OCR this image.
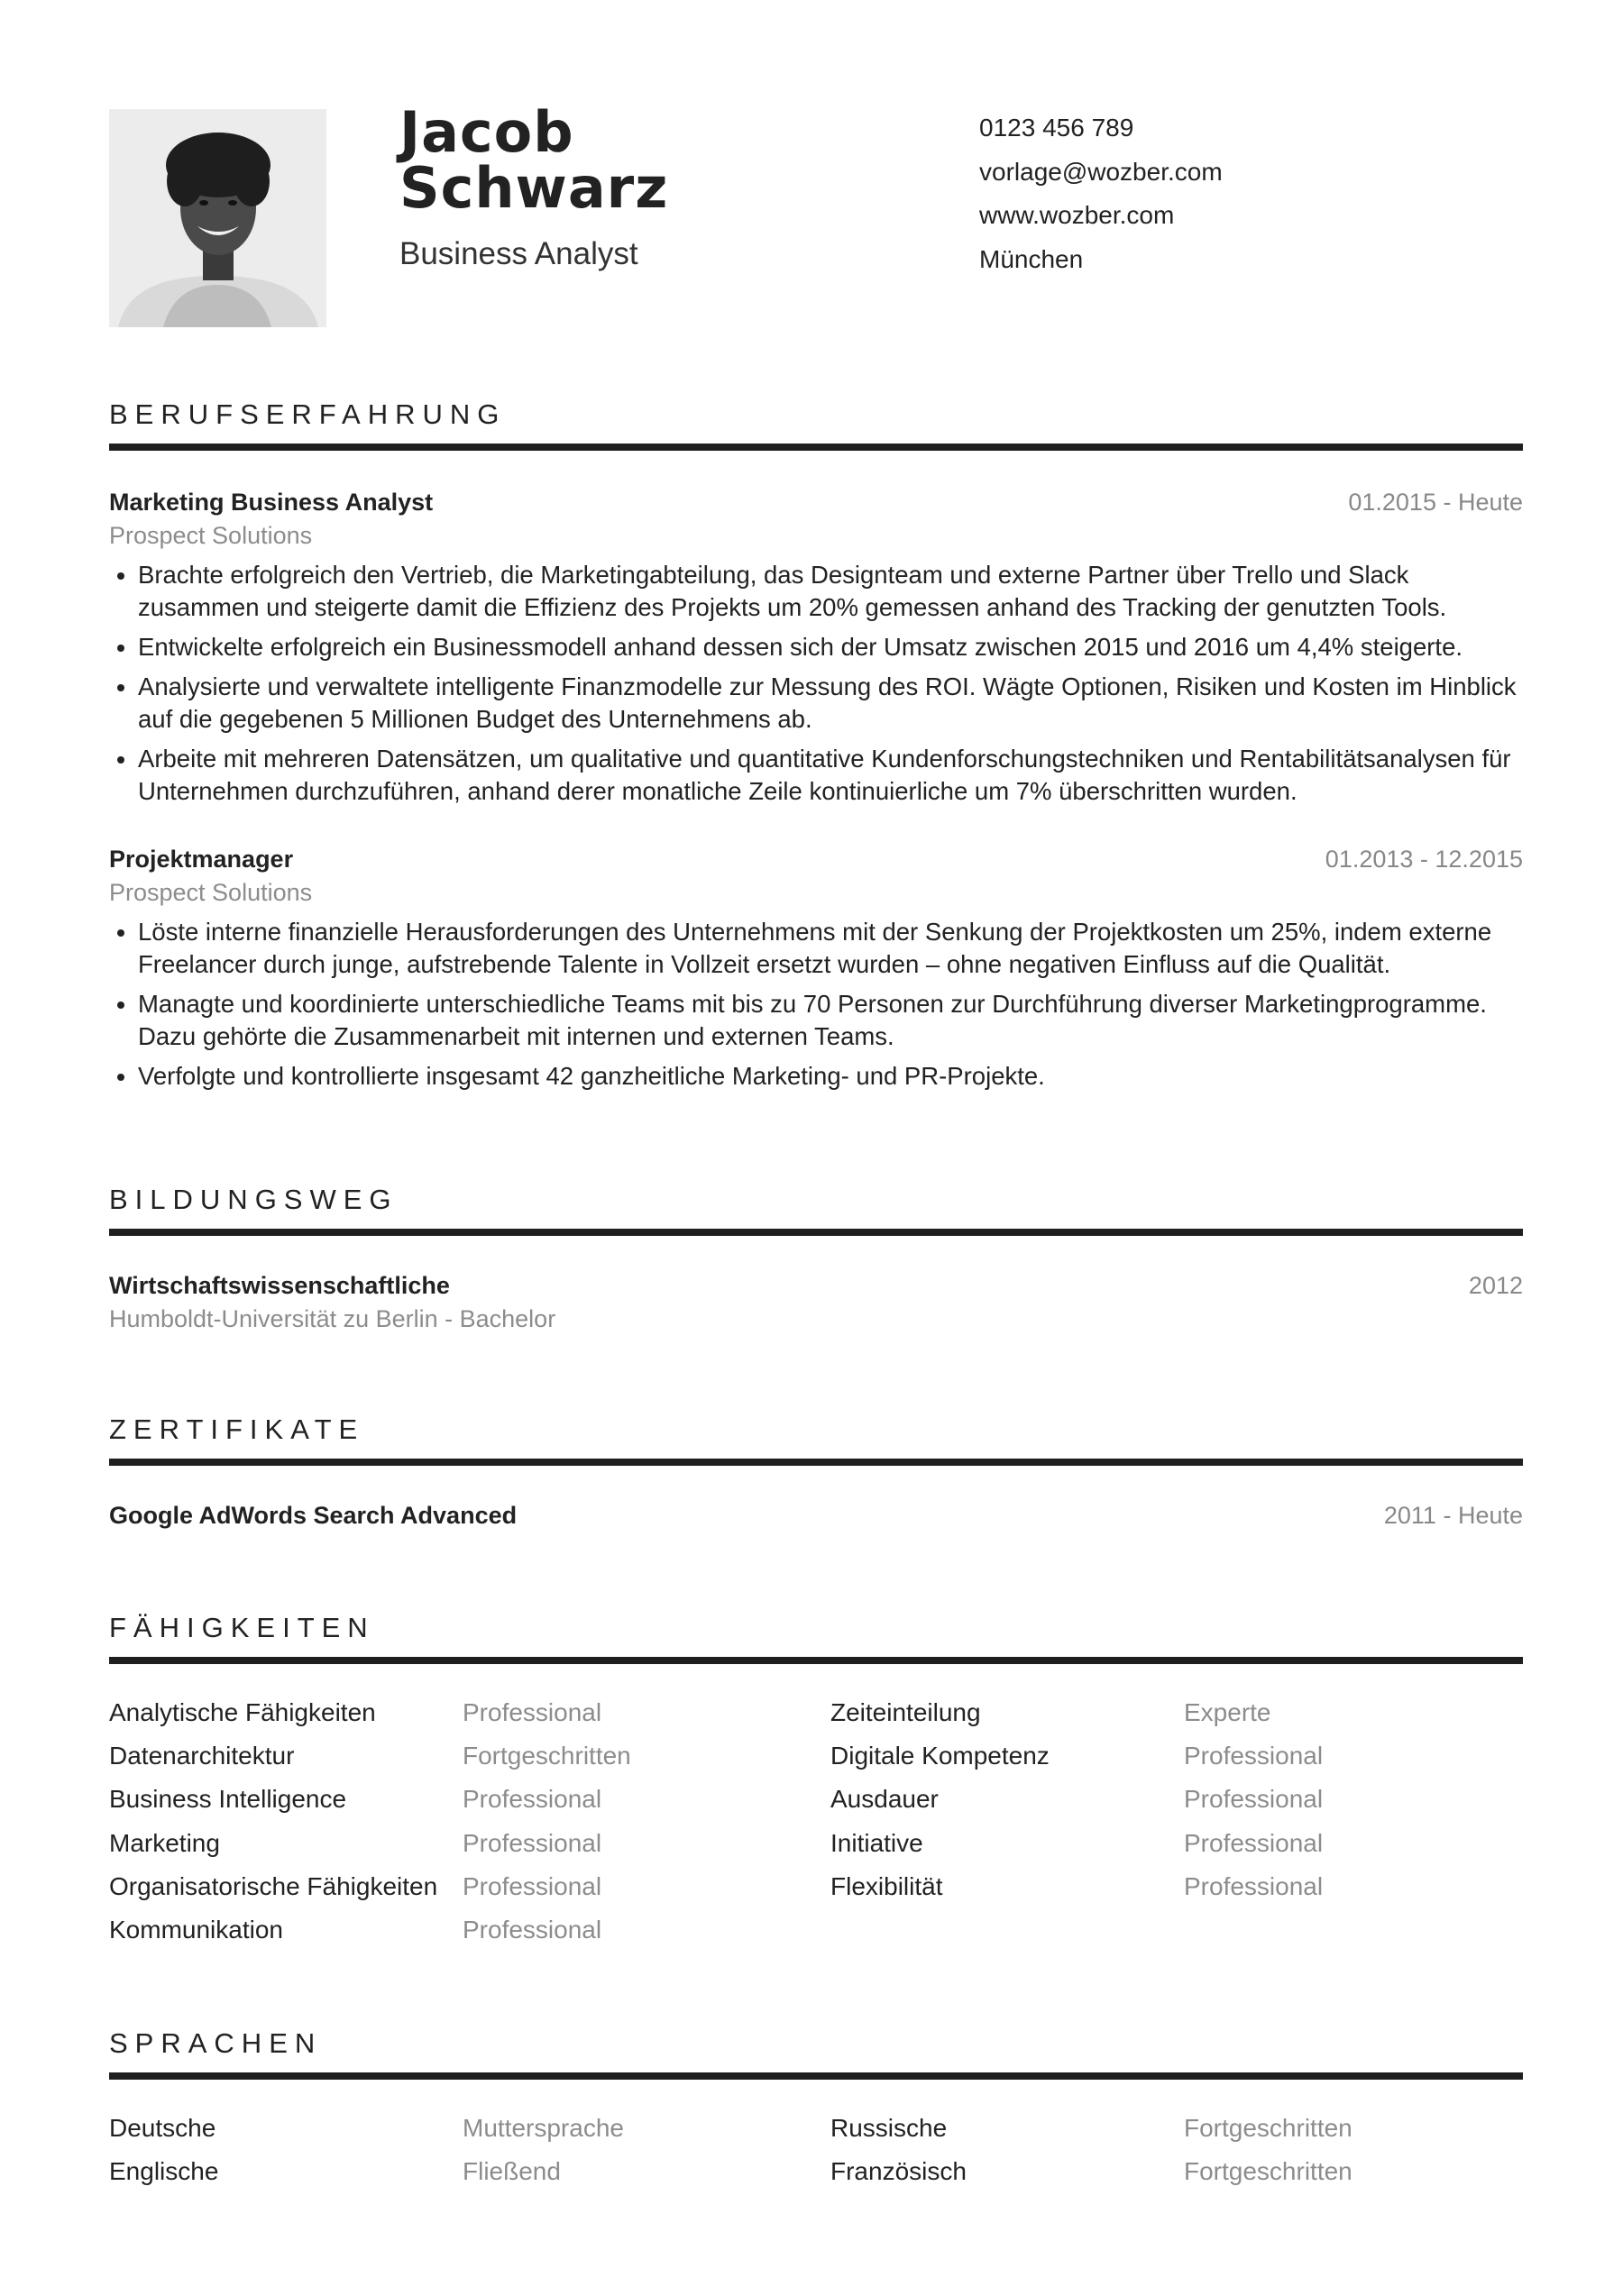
Jacob
Schwarz
Business Analyst
0123 456 789
vorlage@wozber.com
www.wozber.com
München
BERUFSERFAHRUNG
Marketing Business Analyst	01.2015 - Heute
Prospect Solutions
• Brachte erfolgreich den Vertrieb, die Marketingabteilung, das Designteam und externe Partner über Trello und Slack zusammen und steigerte damit die Effizienz des Projekts um 20% gemessen anhand des Tracking der genutzten Tools.
• Entwickelte erfolgreich ein Businessmodell anhand dessen sich der Umsatz zwischen 2015 und 2016 um 4,4% steigerte.
• Analysierte und verwaltete intelligente Finanzmodelle zur Messung des ROI. Wägte Optionen, Risiken und Kosten im Hinblick auf die gegebenen 5 Millionen Budget des Unternehmens ab.
• Arbeite mit mehreren Datensätzen, um qualitative und quantitative Kundenforschungstechniken und Rentabilitätsanalysen für Unternehmen durchzuführen, anhand derer monatliche Zeile kontinuierliche um 7% überschritten wurden.
Projektmanager	01.2013 - 12.2015
Prospect Solutions
• Löste interne finanzielle Herausforderungen des Unternehmens mit der Senkung der Projektkosten um 25%, indem externe Freelancer durch junge, aufstrebende Talente in Vollzeit ersetzt wurden – ohne negativen Einfluss auf die Qualität.
• Managte und koordinierte unterschiedliche Teams mit bis zu 70 Personen zur Durchführung diverser Marketingprogramme. Dazu gehörte die Zusammenarbeit mit internen und externen Teams.
• Verfolgte und kontrollierte insgesamt 42 ganzheitliche Marketing- und PR-Projekte.
BILDUNGSWEG
Wirtschaftswissenschaftliche	2012
Humboldt-Universität zu Berlin - Bachelor
ZERTIFIKATE
Google AdWords Search Advanced	2011 - Heute
FÄHIGKEITEN
Analytische Fähigkeiten	Professional	Zeiteinteilung	Experte
Datenarchitektur	Fortgeschritten	Digitale Kompetenz	Professional
Business Intelligence	Professional	Ausdauer	Professional
Marketing	Professional	Initiative	Professional
Organisatorische Fähigkeiten Professional	Flexibilität	Professional
Kommunikation	Professional
SPRACHEN
Deutsche	Muttersprache	Russische	Fortgeschritten
Englische	Fließend	Französisch	Fortgeschritten
